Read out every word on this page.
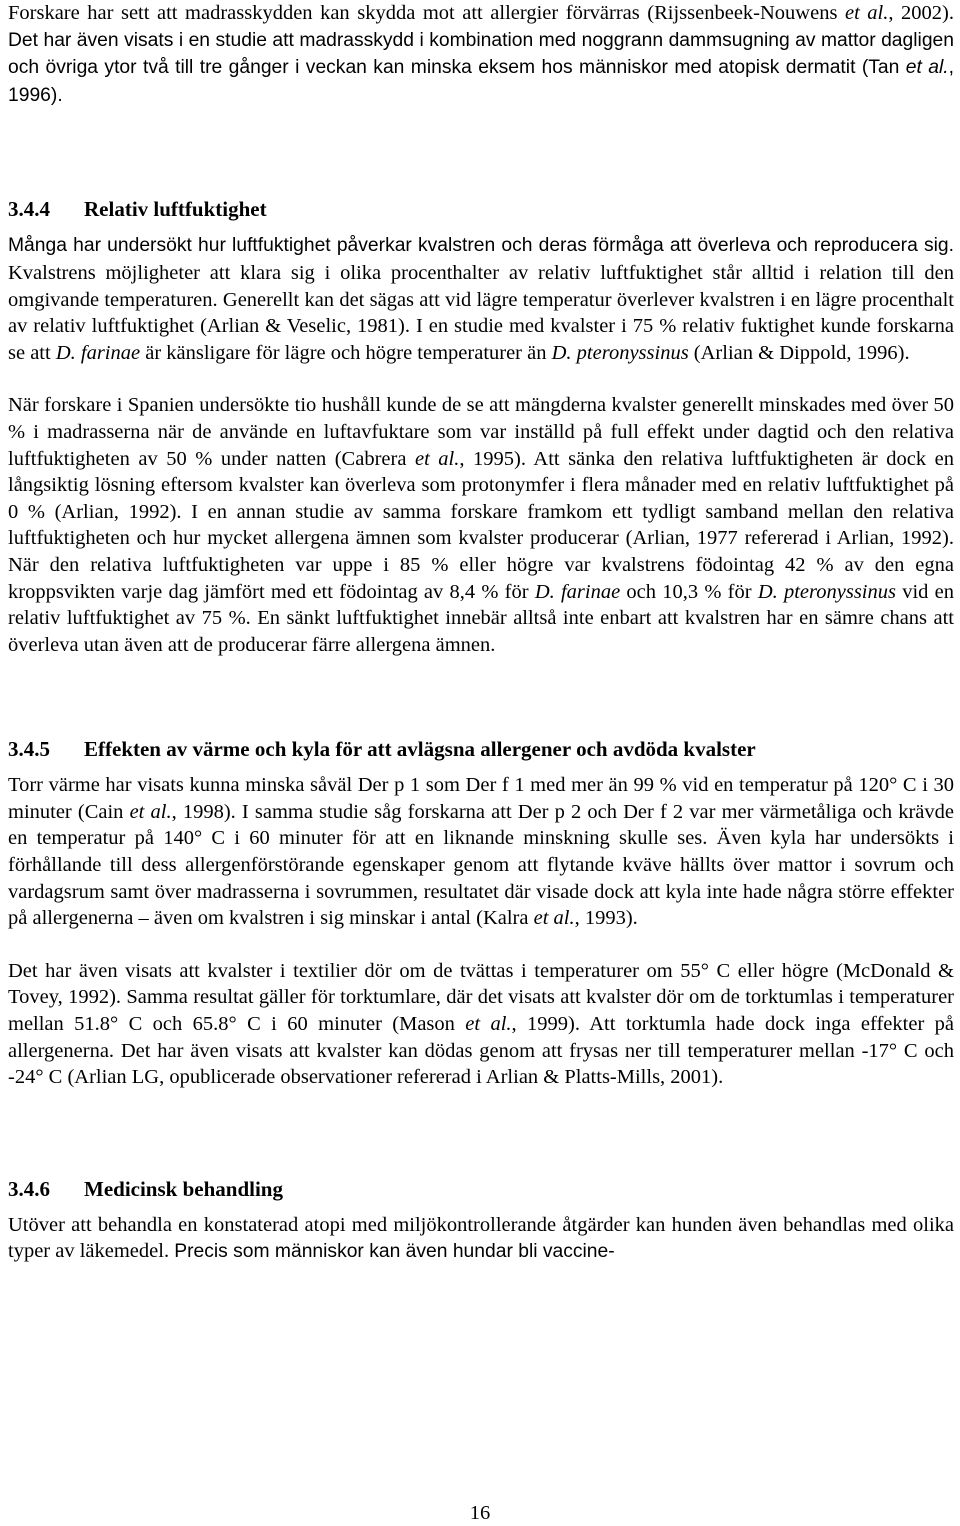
Forskare har sett att madrasskydden kan skydda mot att allergier förvärras (Rijssenbeek-Nouwens et al., 2002). Det har även visats i en studie att madrasskydd i kombination med noggrann dammsugning av mattor dagligen och övriga ytor två till tre gånger i veckan kan minska eksem hos människor med atopisk dermatit (Tan et al., 1996).

3.4.4 Relativ luftfuktighet

Många har undersökt hur luftfuktighet påverkar kvalstren och deras förmåga att överleva och reproducera sig. Kvalstrens möjligheter att klara sig i olika procenthalter av relativ luftfuktighet står alltid i relation till den omgivande temperaturen. Generellt kan det sägas att vid lägre temperatur överlever kvalstren i en lägre procenthalt av relativ luftfuktighet (Arlian & Veselic, 1981). I en studie med kvalster i 75 % relativ fuktighet kunde forskarna se att D. farinae är känsligare för lägre och högre temperaturer än D. pteronyssinus (Arlian & Dippold, 1996).

När forskare i Spanien undersökte tio hushåll kunde de se att mängderna kvalster generellt minskades med över 50 % i madrasserna när de använde en luftavfuktare som var inställd på full effekt under dagtid och den relativa luftfuktigheten av 50 % under natten (Cabrera et al., 1995). Att sänka den relativa luftfuktigheten är dock en långsiktig lösning eftersom kvalster kan överleva som protonymfer i flera månader med en relativ luftfuktighet på 0 % (Arlian, 1992). I en annan studie av samma forskare framkom ett tydligt samband mellan den relativa luftfuktigheten och hur mycket allergena ämnen som kvalster producerar (Arlian, 1977 refererad i Arlian, 1992). När den relativa luftfuktigheten var uppe i 85 % eller högre var kvalstrens födointag 42 % av den egna kroppsvikten varje dag jämfört med ett födointag av 8,4 % för D. farinae och 10,3 % för D. pteronyssinus vid en relativ luftfuktighet av 75 %. En sänkt luftfuktighet innebär alltså inte enbart att kvalstren har en sämre chans att överleva utan även att de producerar färre allergena ämnen.

3.4.5 Effekten av värme och kyla för att avlägsna allergener och avdöda kvalster

Torr värme har visats kunna minska såväl Der p 1 som Der f 1 med mer än 99 % vid en temperatur på 120° C i 30 minuter (Cain et al., 1998). I samma studie såg forskarna att Der p 2 och Der f 2 var mer värmetåliga och krävde en temperatur på 140° C i 60 minuter för att en liknande minskning skulle ses. Även kyla har undersökts i förhållande till dess allergenförstörande egenskaper genom att flytande kväve hällts över mattor i sovrum och vardagsrum samt över madrasserna i sovrummen, resultatet där visade dock att kyla inte hade några större effekter på allergenerna – även om kvalstren i sig minskar i antal (Kalra et al., 1993).

Det har även visats att kvalster i textilier dör om de tvättas i temperaturer om 55° C eller högre (McDonald & Tovey, 1992). Samma resultat gäller för torktumlare, där det visats att kvalster dör om de torktumlas i temperaturer mellan 51.8° C och 65.8° C i 60 minuter (Mason et al., 1999). Att torktumla hade dock inga effekter på allergenerna. Det har även visats att kvalster kan dödas genom att frysas ner till temperaturer mellan -17° C och -24° C (Arlian LG, opublicerade observationer refererad i Arlian & Platts-Mills, 2001).

3.4.6 Medicinsk behandling

Utöver att behandla en konstaterad atopi med miljökontrollerande åtgärder kan hunden även behandlas med olika typer av läkemedel. Precis som människor kan även hundar bli vaccine-

16
